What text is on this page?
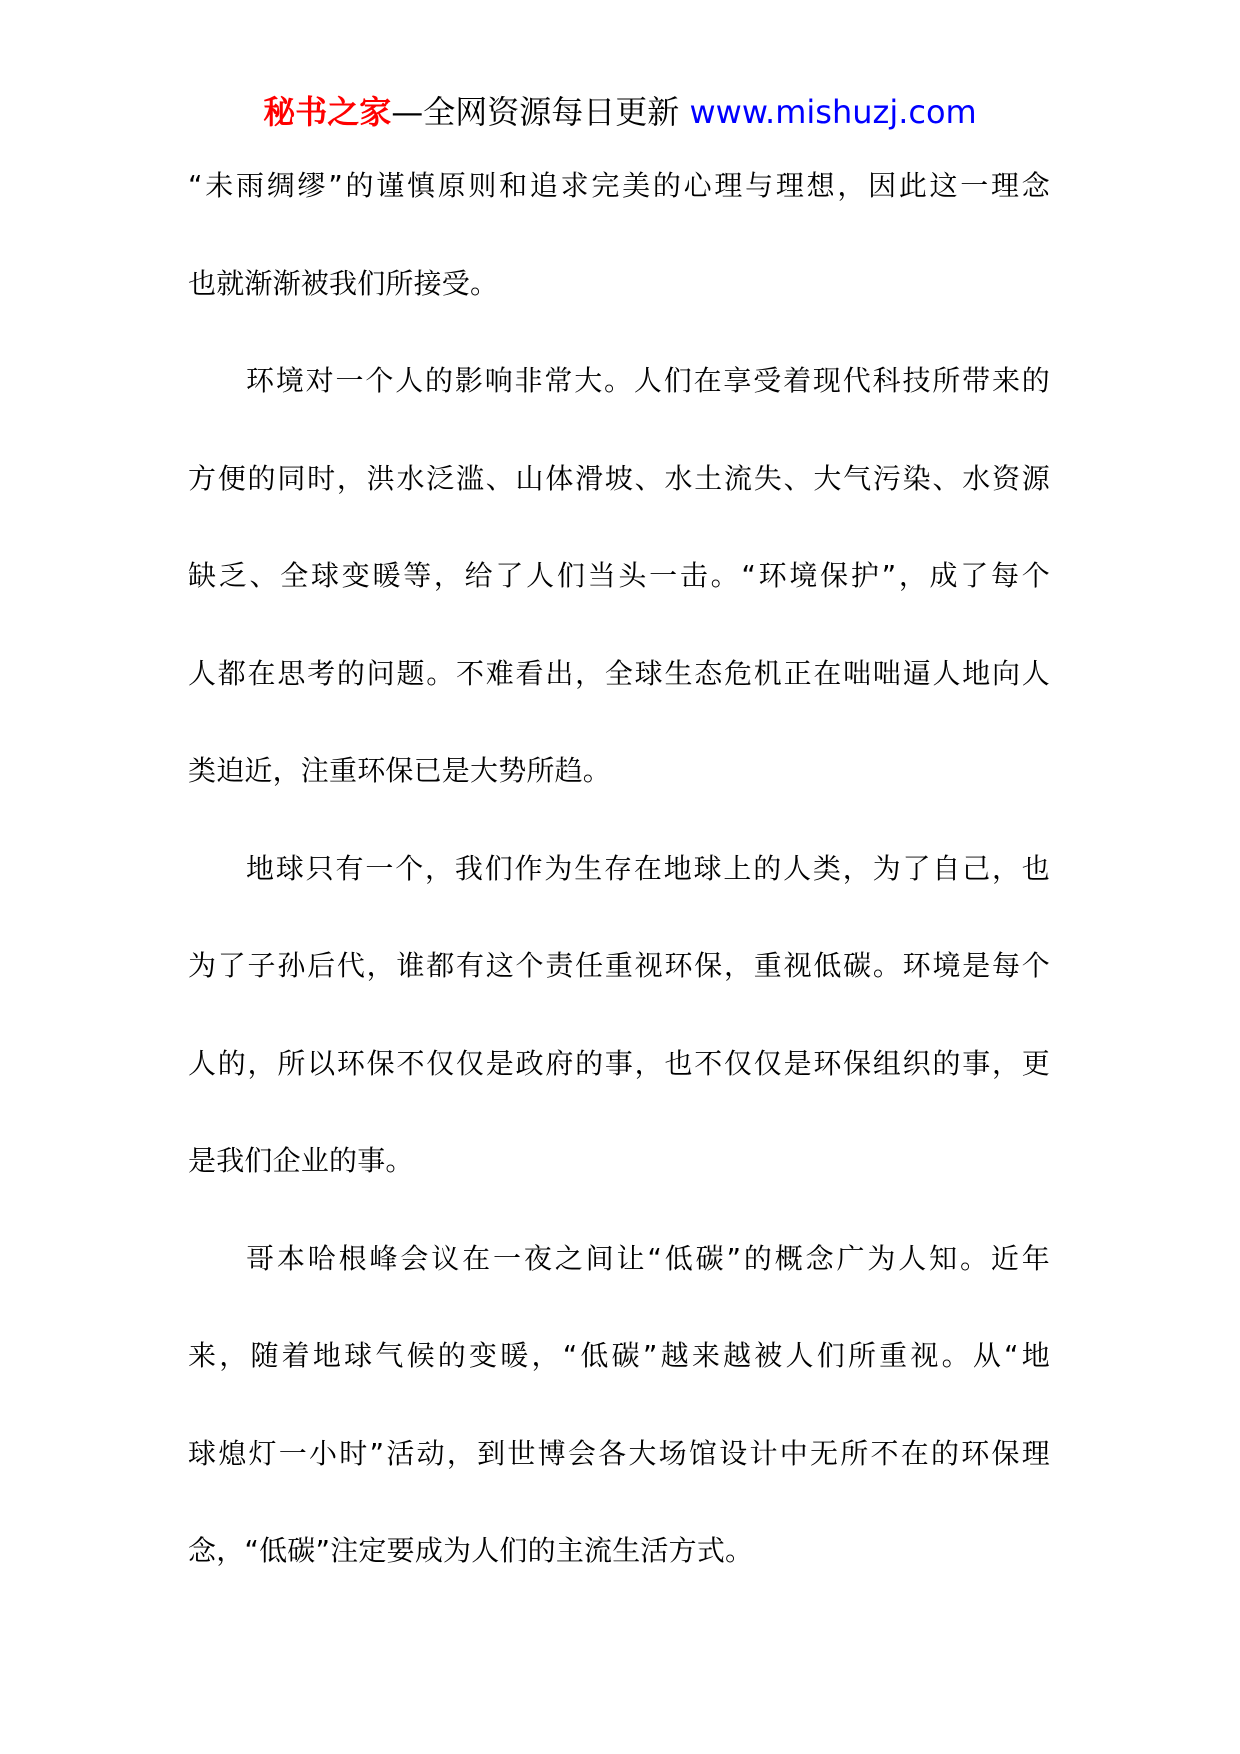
秘书之家—全网资源每日更新 www.mishuzj.com
“未雨绸缪”的谨慎原则和追求完美的心理与理想，因此这一理念
也就渐渐被我们所接受。
环境对一个人的影响非常大。人们在享受着现代科技所带来的
方便的同时，洪水泛滥、山体滑坡、水土流失、大气污染、水资源
缺乏、全球变暖等，给了人们当头一击。“环境保护”，成了每个
人都在思考的问题。不难看出，全球生态危机正在咄咄逼人地向人
类迫近，注重环保已是大势所趋。
地球只有一个，我们作为生存在地球上的人类，为了自己，也
为了子孙后代，谁都有这个责任重视环保，重视低碳。环境是每个
人的，所以环保不仅仅是政府的事，也不仅仅是环保组织的事，更
是我们企业的事。
哥本哈根峰会议在一夜之间让“低碳”的概念广为人知。近年
来，随着地球气候的变暖，“低碳”越来越被人们所重视。从“地
球熄灯一小时”活动，到世博会各大场馆设计中无所不在的环保理
念，“低碳”注定要成为人们的主流生活方式。
